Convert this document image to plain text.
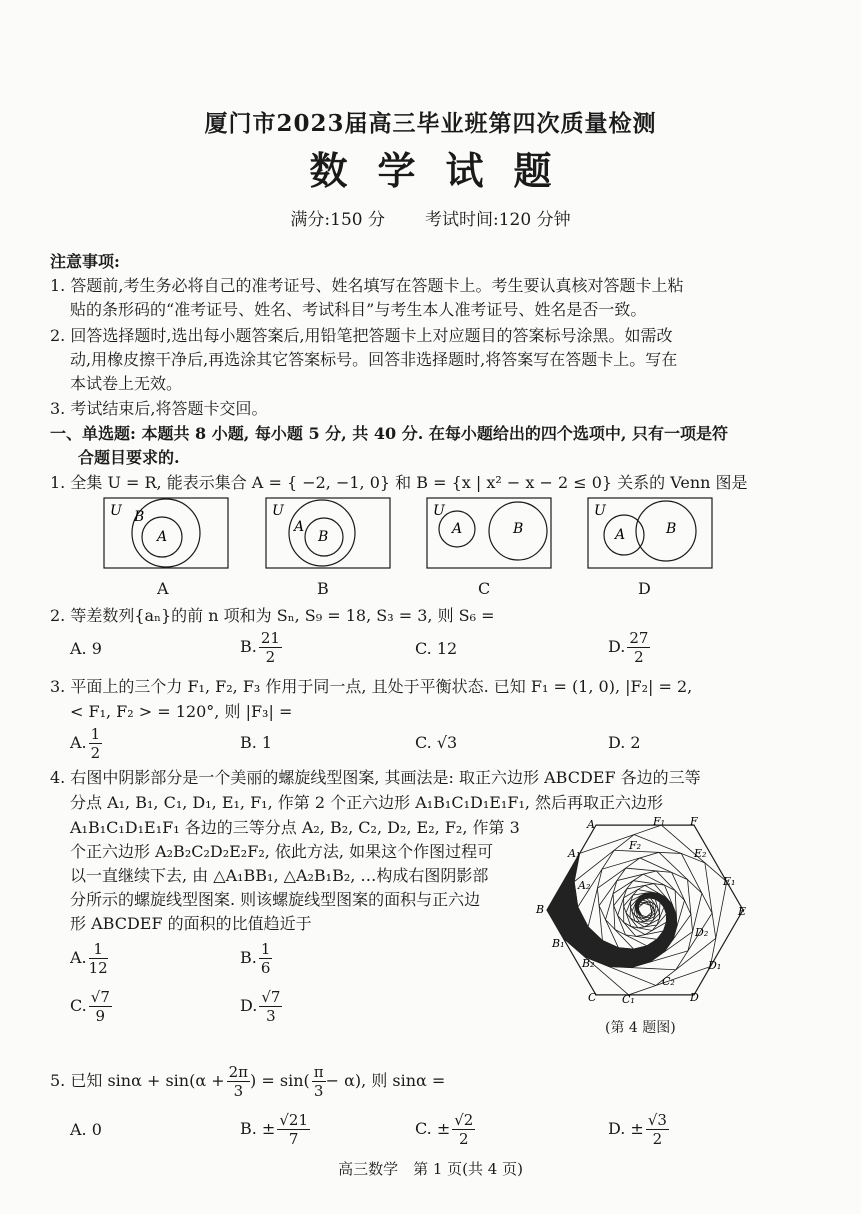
厦门市2023届高三毕业班第四次质量检测
数学试题
满分:150 分 考试时间:120 分钟
注意事项:
1. 答题前,考生务必将自己的准考证号、姓名填写在答题卡上。考生要认真核对答题卡上粘
贴的条形码的“准考证号、姓名、考试科目”与考生本人准考证号、姓名是否一致。
2. 回答选择题时,选出每小题答案后,用铅笔把答题卡上对应题目的答案标号涂黑。如需改
动,用橡皮擦干净后,再选涂其它答案标号。回答非选择题时,将答案写在答题卡上。写在
本试卷上无效。
3. 考试结束后,将答题卡交回。
一、单选题: 本题共 8 小题, 每小题 5 分, 共 40 分. 在每小题给出的四个选项中, 只有一项是符
合题目要求的.
1. 全集 U = R, 能表示集合 A = { −2, −1, 0} 和 B = {x | x² − x − 2 ≤ 0} 关系的 Venn 图是
U B
A
U
A
B
U
A	B
U
A	B
A	B	C	D
2. 等差数列{aₙ}的前 n 项和为 Sₙ, S₉ = 18, S₃ = 3, 则 S₆ =
A. 9	B. $\frac{21}{2}$	C. 12	D. $\frac{27}{2}$
3. 平面上的三个力 F₁, F₂, F₃ 作用于同一点, 且处于平衡状态. 已知 F₁ = (1, 0), |F₂| = 2,
< F₁, F₂ > = 120°, 则 |F₃| =
A. $\frac{1}{2}$	B. 1	C. √3	D. 2
4. 右图中阴影部分是一个美丽的螺旋线型图案, 其画法是: 取正六边形 ABCDEF 各边的三等
分点 A₁, B₁, C₁, D₁, E₁, F₁, 作第 2 个正六边形 A₁B₁C₁D₁E₁F₁, 然后再取正六边形
A₁B₁C₁D₁E₁F₁ 各边的三等分点 A₂, B₂, C₂, D₂, E₂, F₂, 作第 3
个正六边形 A₂B₂C₂D₂E₂F₂, 依此方法, 如果这个作图过程可
以一直继续下去, 由 △A₁BB₁, △A₂B₁B₂, …构成右图阴影部
分所示的螺旋线型图案. 则该螺旋线型图案的面积与正六边
形 ABCDEF 的面积的比值趋近于
A. $\frac{1}{12}$	B. $\frac{1}{6}$
C. $\frac{√7}{9}$	D. $\frac{√7}{3}$
A	F₁ F
A₁
F₂
E₂
A₂	E₁
B	E
D₂
B₁
D₁
B₂
C₂
C C₁	D
(第 4 题图)
5. 已知 $\sin\alpha + \sin(\alpha + \frac{2\pi}{3}$ ) = $\sin( \frac{\pi}{3} - \alpha)$, 则 sinα =
A. 0	B. ± $\frac{√21}{7}$	C. ± $\frac{√2}{2}$	D. ± $\frac{√3}{2}$
高三数学　第 1 页(共 4 页)
